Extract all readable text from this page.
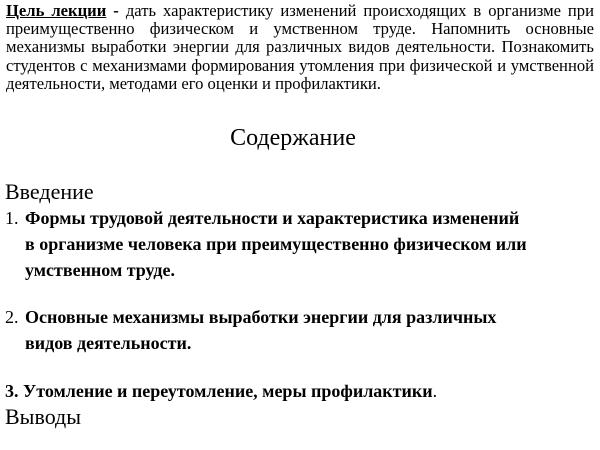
Цель лекции - дать характеристику изменений происходящих в организме при преимущественно физическом и умственном труде. Напомнить основные механизмы выработки энергии для различных видов деятельности. Познакомить студентов с механизмами формирования утомления при физической и умственной деятельности, методами его оценки и профилактики.

Содержание
Введение
1. Формы трудовой деятельности и характеристика изменений
в организме человека при преимущественно физическом или
умственном труде.
2. Основные механизмы выработки энергии для различных
видов деятельности.
3. Утомление и переутомление, меры профилактики.
Выводы
